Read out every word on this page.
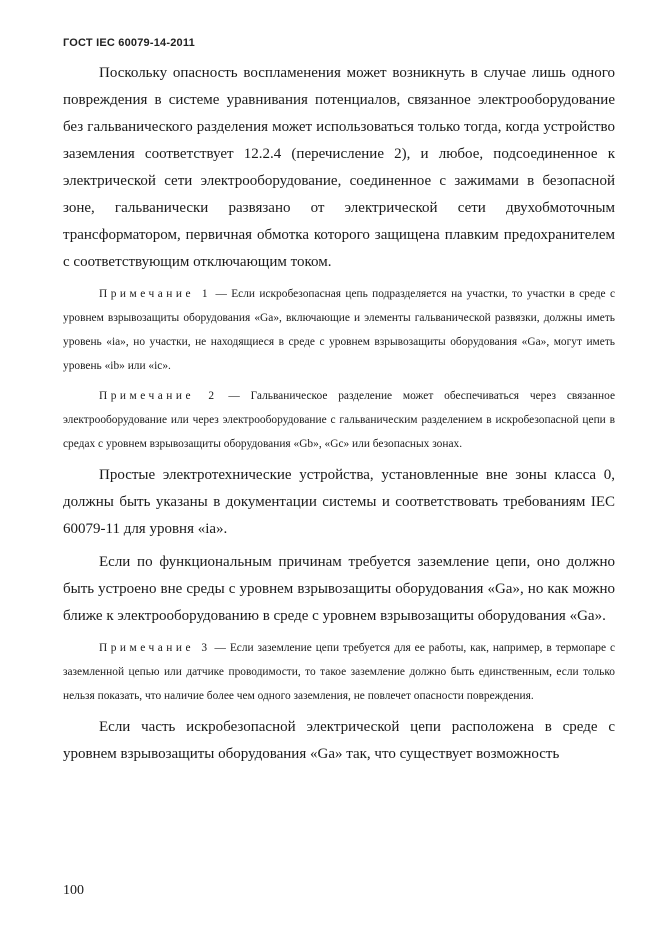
ГОСТ IEC 60079-14-2011

Поскольку опасность воспламенения может возникнуть в случае лишь одного повреждения в системе уравнивания потенциалов, связанное электрооборудование без гальванического разделения может использоваться только тогда, когда устройство заземления соответствует 12.2.4 (перечисление 2), и любое, подсоединенное к электрической сети электрооборудование, соединенное с зажимами в безопасной зоне, гальванически развязано от электрической сети двухобмоточным трансформатором, первичная обмотка которого защищена плавким предохранителем с соответствующим отключающим током.

Примечание 1 — Если искробезопасная цепь подразделяется на участки, то участки в среде с уровнем взрывозащиты оборудования «Ga», включающие и элементы гальванической развязки, должны иметь уровень «ia», но участки, не находящиеся в среде с уровнем взрывозащиты оборудования «Ga», могут иметь уровень «ib» или «ic».

Примечание 2 — Гальваническое разделение может обеспечиваться через связанное электрооборудование или через электрооборудование с гальваническим разделением в искробезопасной цепи в средах с уровнем взрывозащиты оборудования «Gb», «Gc» или безопасных зонах.

Простые электротехнические устройства, установленные вне зоны класса 0, должны быть указаны в документации системы и соответствовать требованиям IEC 60079-11 для уровня «ia».

Если по функциональным причинам требуется заземление цепи, оно должно быть устроено вне среды с уровнем взрывозащиты оборудования «Ga», но как можно ближе к электрооборудованию в среде с уровнем взрывозащиты оборудования «Ga».

Примечание 3 — Если заземление цепи требуется для ее работы, как, например, в термопаре с заземленной цепью или датчике проводимости, то такое заземление должно быть единственным, если только нельзя показать, что наличие более чем одного заземления, не повлечет опасности повреждения.

Если часть искробезопасной электрической цепи расположена в среде с уровнем взрывозащиты оборудования «Ga» так, что существует возможность

100
